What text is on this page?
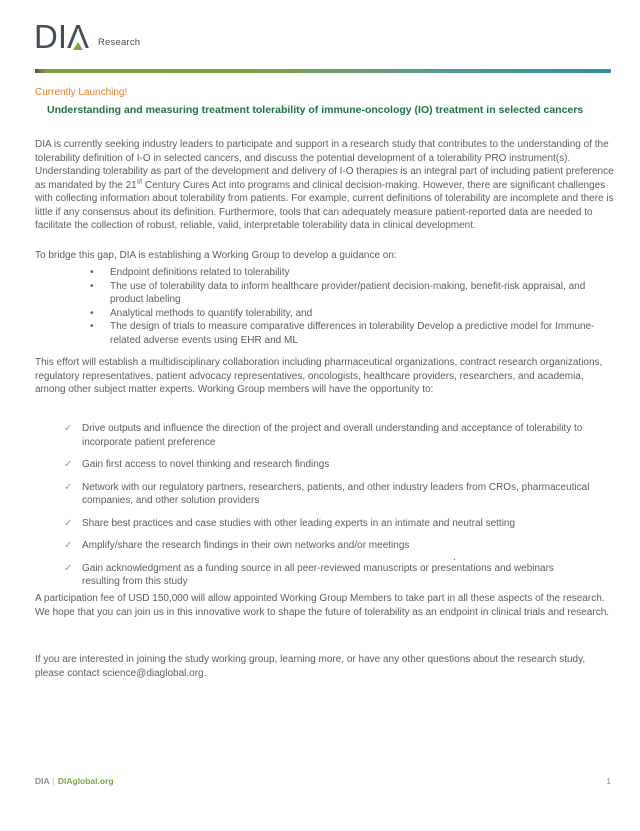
DIΛ Research
Currently Launching!
Understanding and measuring treatment tolerability of immune-oncology (IO) treatment in selected cancers
DIA is currently seeking industry leaders to participate and support in a research study that contributes to the understanding of the tolerability definition of I-O in selected cancers, and discuss the potential development of a tolerability PRO instrument(s). Understanding tolerability as part of the development and delivery of I-O therapies is an integral part of including patient preference as mandated by the 21st Century Cures Act into programs and clinical decision-making. However, there are significant challenges with collecting information about tolerability from patients. For example, current definitions of tolerability are incomplete and there is little if any consensus about its definition. Furthermore, tools that can adequately measure patient-reported data are needed to facilitate the collection of robust, reliable, valid, interpretable tolerability data in clinical development.
To bridge this gap, DIA is establishing a Working Group to develop a guidance on:
•	Endpoint definitions related to tolerability
•	The use of tolerability data to inform healthcare provider/patient decision-making, benefit-risk appraisal, and product labeling
•	Analytical methods to quantify tolerability, and
•	The design of trials to measure comparative differences in tolerability Develop a predictive model for Immune-related adverse events using EHR and ML
This effort will establish a multidisciplinary collaboration including pharmaceutical organizations, contract research organizations, regulatory representatives, patient advocacy representatives, oncologists, healthcare providers, researchers, and academia, among other subject matter experts. Working Group members will have the opportunity to:
✓ Drive outputs and influence the direction of the project and overall understanding and acceptance of tolerability to incorporate patient preference
✓ Gain first access to novel thinking and research findings
✓ Network with our regulatory partners, researchers, patients, and other industry leaders from CROs, pharmaceutical companies, and other solution providers
✓ Share best practices and case studies with other leading experts in an intimate and neutral setting
✓ Amplify/share the research findings in their own networks and/or meetings
✓ Gain acknowledgment as a funding source in all peer-reviewed manuscripts or presentations and webinars resulting from this study
.
A participation fee of USD 150,000 will allow appointed Working Group Members to take part in all these aspects of the research. We hope that you can join us in this innovative work to shape the future of tolerability as an endpoint in clinical trials and research.
If you are interested in joining the study working group, learning more, or have any other questions about the research study, please contact science@diaglobal.org.
DIA | DIAglobal.org	1
